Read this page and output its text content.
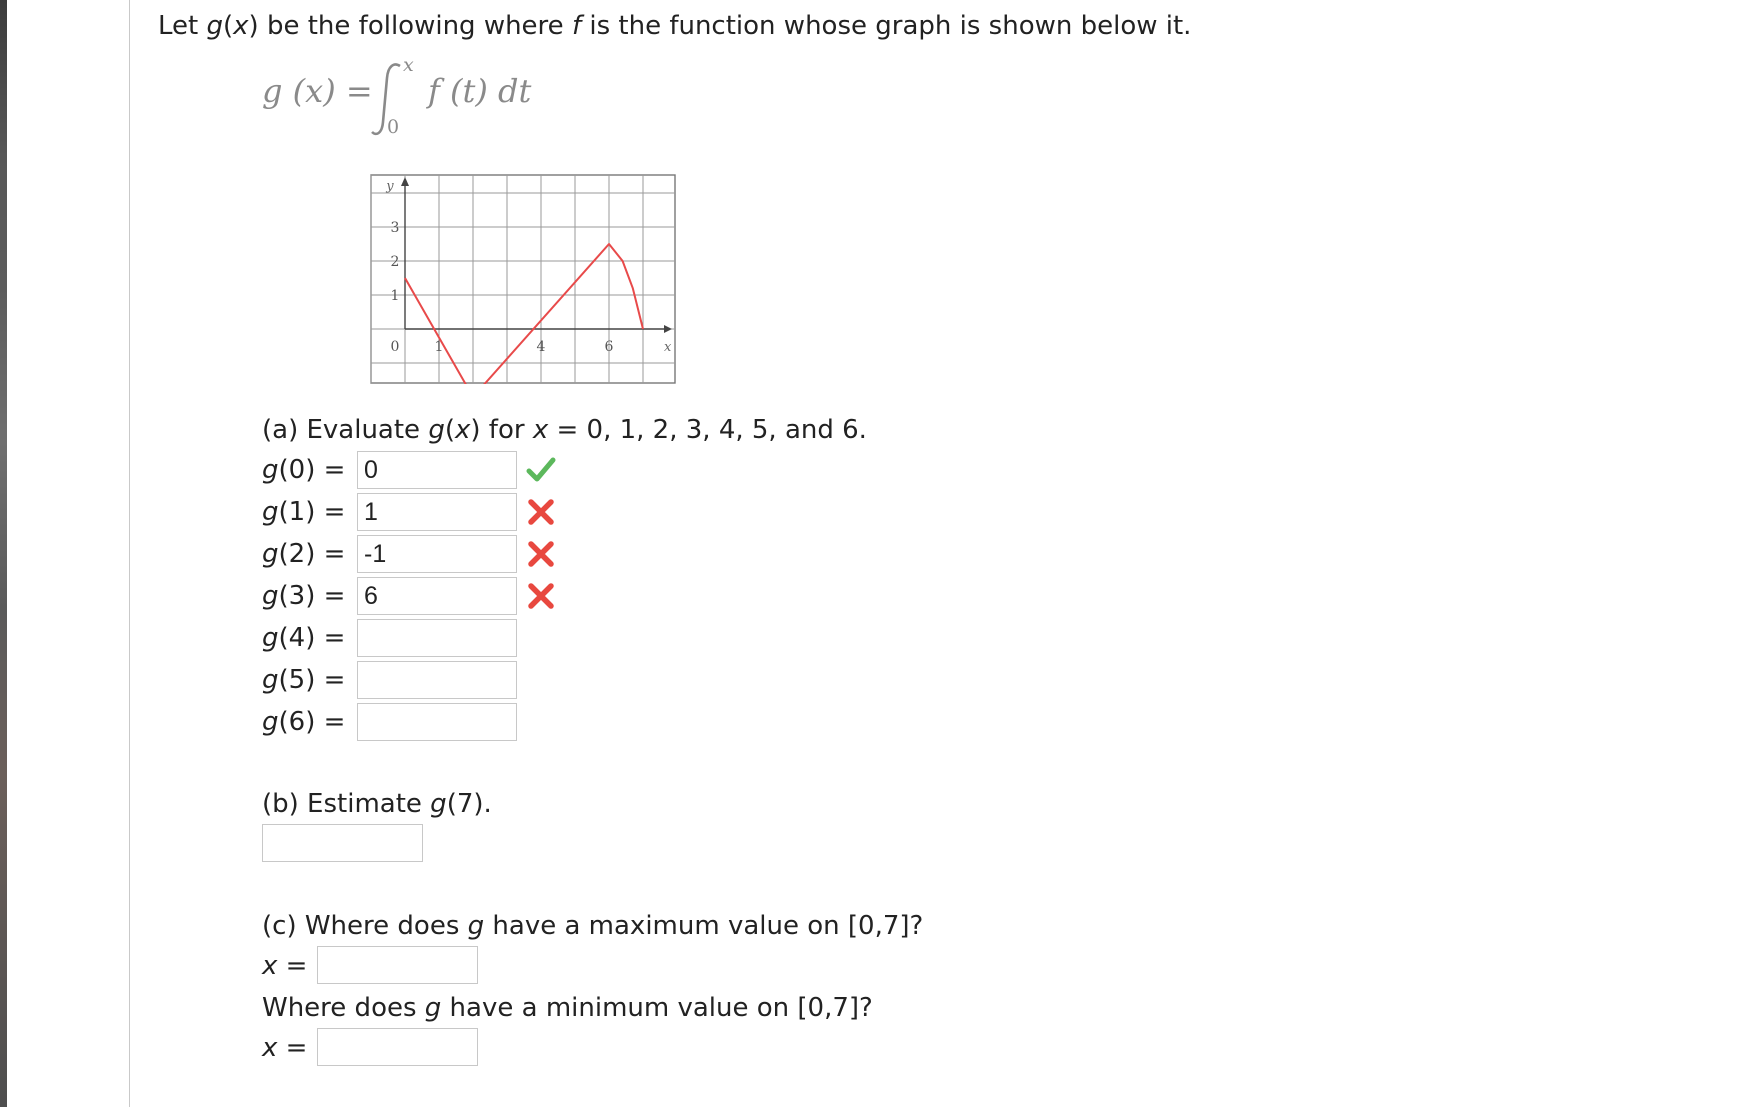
Let g(x) be the following where f is the function whose graph is shown below it.
g (x) =
x
0
f (t) dt
y
x
3
2
1
0	1	4	6
(a) Evaluate g(x) for x = 0, 1, 2, 3, 4, 5, and 6.
g(0) = 0
g(1) = 1
g(2) = -1
g(3) = 6
g(4) =
g(5) =
g(6) =
(b) Estimate g(7).
(c) Where does g have a maximum value on [0,7]?
x =
Where does g have a minimum value on [0,7]?
x =
